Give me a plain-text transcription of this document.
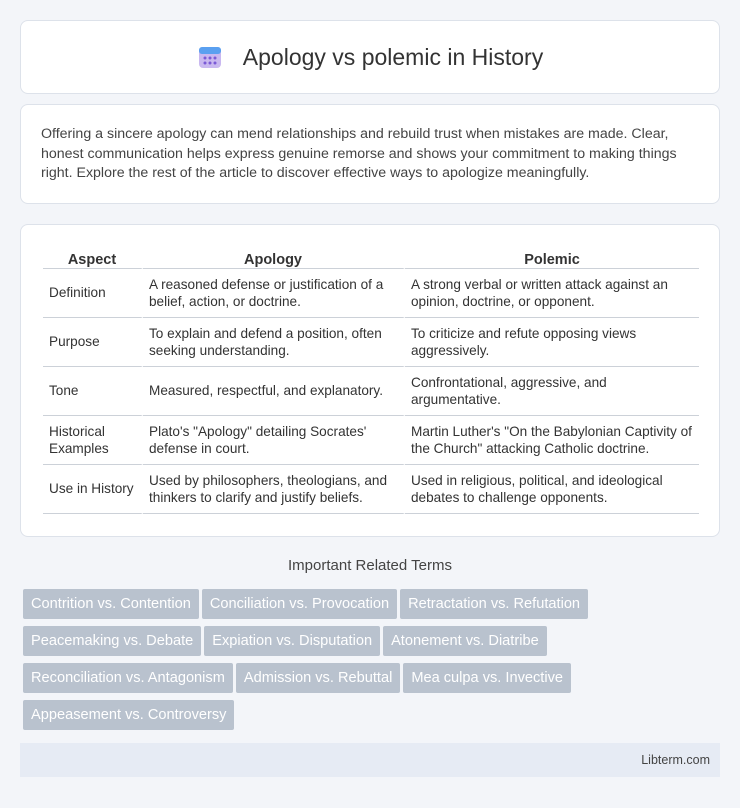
Apology vs polemic in History

Offering a sincere apology can mend relationships and rebuild trust when mistakes are made. Clear, honest communication helps express genuine remorse and shows your commitment to making things right. Explore the rest of the article to discover effective ways to apologize meaningfully.

Aspect	Apology	Polemic
Definition	A reasoned defense or justification of a belief, action, or doctrine.	A strong verbal or written attack against an opinion, doctrine, or opponent.
Purpose	To explain and defend a position, often seeking understanding.	To criticize and refute opposing views aggressively.
Tone	Measured, respectful, and explanatory.	Confrontational, aggressive, and argumentative.
Historical Examples	Plato's "Apology" detailing Socrates' defense in court.	Martin Luther's "On the Babylonian Captivity of the Church" attacking Catholic doctrine.
Use in History	Used by philosophers, theologians, and thinkers to clarify and justify beliefs.	Used in religious, political, and ideological debates to challenge opponents.
Important Related Terms
Contrition vs. Contention Conciliation vs. Provocation Retractation vs. Refutation
Peacemaking vs. Debate Expiation vs. Disputation Atonement vs. Diatribe
Reconciliation vs. Antagonism Admission vs. Rebuttal Mea culpa vs. Invective
Appeasement vs. Controversy
Libterm.com
